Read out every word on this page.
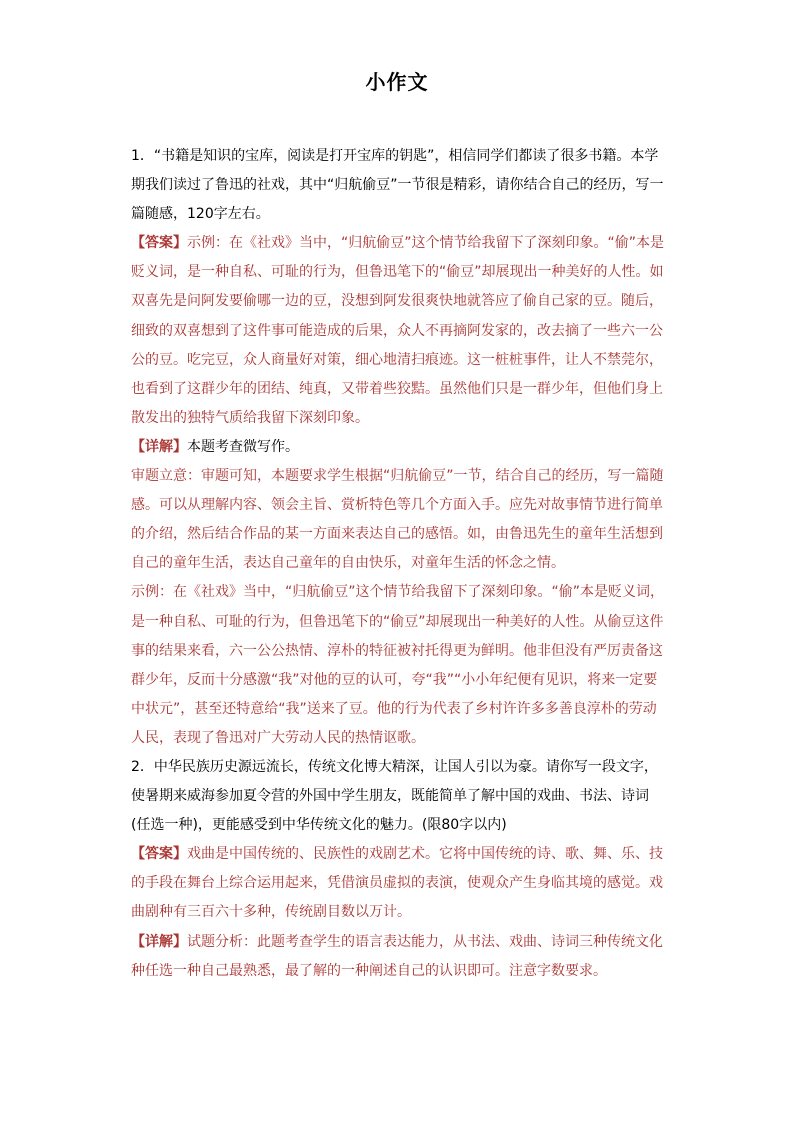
小作文

1．“书籍是知识的宝库，阅读是打开宝库的钥匙”，相信同学们都读了很多书籍。本学期我们读过了鲁迅的社戏，其中“归航偷豆”一节很是精彩，请你结合自己的经历，写一篇随感，120字左右。

【答案】示例：在《社戏》当中，“归航偷豆”这个情节给我留下了深刻印象。“偷”本是贬义词，是一种自私、可耻的行为，但鲁迅笔下的“偷豆”却展现出一种美好的人性。如双喜先是问阿发要偷哪一边的豆，没想到阿发很爽快地就答应了偷自己家的豆。随后，细致的双喜想到了这件事可能造成的后果，众人不再摘阿发家的，改去摘了一些六一公公的豆。吃完豆，众人商量好对策，细心地清扫痕迹。这一桩桩事件，让人不禁莞尔，也看到了这群少年的团结、纯真，又带着些狡黠。虽然他们只是一群少年，但他们身上散发出的独特气质给我留下深刻印象。

【详解】本题考查微写作。

审题立意：审题可知，本题要求学生根据“归航偷豆”一节，结合自己的经历，写一篇随感。可以从理解内容、领会主旨、赏析特色等几个方面入手。应先对故事情节进行简单的介绍，然后结合作品的某一方面来表达自己的感悟。如，由鲁迅先生的童年生活想到自己的童年生活，表达自己童年的自由快乐，对童年生活的怀念之情。

示例：在《社戏》当中，“归航偷豆”这个情节给我留下了深刻印象。“偷”本是贬义词，是一种自私、可耻的行为，但鲁迅笔下的“偷豆”却展现出一种美好的人性。从偷豆这件事的结果来看，六一公公热情、淳朴的特征被衬托得更为鲜明。他非但没有严厉责备这群少年，反而十分感激“我”对他的豆的认可，夸“我”“小小年纪便有见识，将来一定要中状元”，甚至还特意给“我”送来了豆。他的行为代表了乡村许许多多善良淳朴的劳动人民，表现了鲁迅对广大劳动人民的热情讴歌。

2．中华民族历史源远流长，传统文化博大精深，让国人引以为豪。请你写一段文字，使暑期来威海参加夏令营的外国中学生朋友，既能简单了解中国的戏曲、书法、诗词(任选一种)，更能感受到中华传统文化的魅力。(限80字以内)

【答案】戏曲是中国传统的、民族性的戏剧艺术。它将中国传统的诗、歌、舞、乐、技的手段在舞台上综合运用起来，凭借演员虚拟的表演，使观众产生身临其境的感觉。戏曲剧种有三百六十多种，传统剧目数以万计。

【详解】试题分析：此题考查学生的语言表达能力，从书法、戏曲、诗词三种传统文化种任选一种自己最熟悉，最了解的一种阐述自己的认识即可。注意字数要求。
